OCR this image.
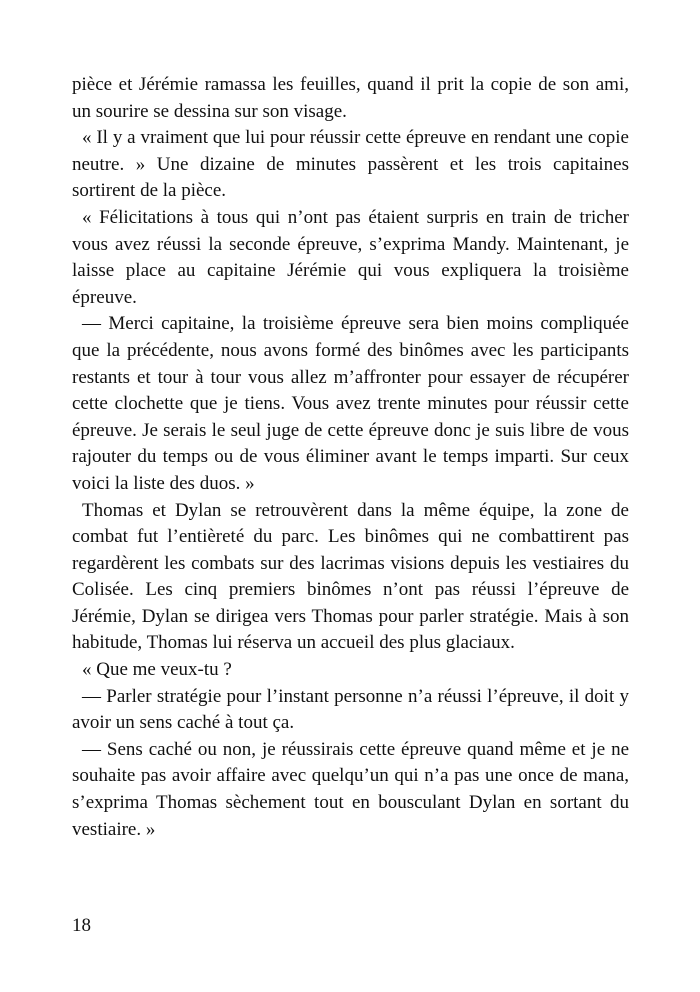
pièce et Jérémie ramassa les feuilles, quand il prit la copie de son ami, un sourire se dessina sur son visage.

« Il y a vraiment que lui pour réussir cette épreuve en rendant une copie neutre. » Une dizaine de minutes passèrent et les trois capitaines sortirent de la pièce.

« Félicitations à tous qui n’ont pas étaient surpris en train de tricher vous avez réussi la seconde épreuve, s’exprima Mandy. Maintenant, je laisse place au capitaine Jérémie qui vous expliquera la troisième épreuve.

— Merci capitaine, la troisième épreuve sera bien moins compliquée que la précédente, nous avons formé des binômes avec les participants restants et tour à tour vous allez m’affronter pour essayer de récupérer cette clochette que je tiens. Vous avez trente minutes pour réussir cette épreuve. Je serais le seul juge de cette épreuve donc je suis libre de vous rajouter du temps ou de vous éliminer avant le temps imparti. Sur ceux voici la liste des duos. »

Thomas et Dylan se retrouvèrent dans la même équipe, la zone de combat fut l’entièreté du parc. Les binômes qui ne combattirent pas regardèrent les combats sur des lacrimas visions depuis les vestiaires du Colisée. Les cinq premiers binômes n’ont pas réussi l’épreuve de Jérémie, Dylan se dirigea vers Thomas pour parler stratégie. Mais à son habitude, Thomas lui réserva un accueil des plus glaciaux.

« Que me veux-tu ?

— Parler stratégie pour l’instant personne n’a réussi l’épreuve, il doit y avoir un sens caché à tout ça.

— Sens caché ou non, je réussirais cette épreuve quand même et je ne souhaite pas avoir affaire avec quelqu’un qui n’a pas une once de mana, s’exprima Thomas sèchement tout en bousculant Dylan en sortant du vestiaire. »

18
